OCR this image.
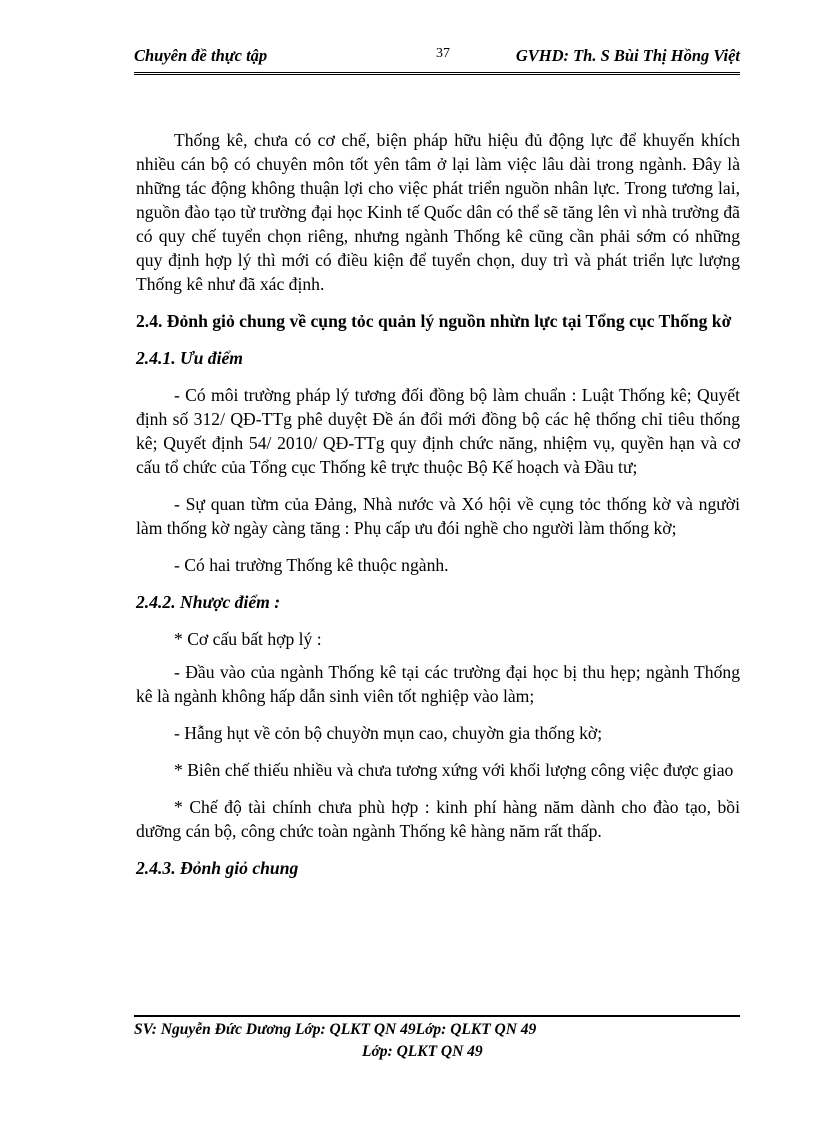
Chuyên đề thực tập	37	GVHD: Th. S Bùi Thị Hồng Việt

Thống kê, chưa có cơ chế, biện pháp hữu hiệu đủ động lực để khuyến khích nhiều cán bộ có chuyên môn tốt yên tâm ở lại làm việc lâu dài trong ngành. Đây là những tác động không thuận lợi cho việc phát triển nguồn nhân lực. Trong tương lai, nguồn đào tạo từ trường đại học Kinh tế Quốc dân có thể sẽ tăng lên vì nhà trường đã có quy chế tuyển chọn riêng, nhưng ngành Thống kê cũng cần phải sớm có những quy định hợp lý thì mới có điều kiện để tuyển chọn, duy trì và phát triển lực lượng Thống kê như đã xác định.

2.4. Đỏnh giỏ chung về cụng tỏc quản lý nguồn nhừn lực tại Tổng cục Thống kờ

2.4.1. Ưu điểm

- Có môi trường pháp lý tương đối đồng bộ làm chuẩn : Luật Thống kê; Quyết định số 312/ QĐ-TTg phê duyệt Đề án đổi mới đồng bộ các hệ thống chỉ tiêu thống kê; Quyết định 54/ 2010/ QĐ-TTg quy định chức năng, nhiệm vụ, quyền hạn và cơ cấu tổ chức của Tổng cục Thống kê trực thuộc Bộ Kế hoạch và Đầu tư;

- Sự quan từm của Đảng, Nhà nước và Xó hội về cụng tỏc thống kờ và người làm thống kờ ngày càng tăng : Phụ cấp ưu đói nghề cho người làm thống kờ;

- Có hai trường Thống kê thuộc ngành.

2.4.2. Nhược điểm :

* Cơ cấu bất hợp lý :

- Đầu vào của ngành Thống kê tại các trường đại học bị thu hẹp; ngành Thống kê là ngành không hấp dẫn sinh viên tốt nghiệp vào làm;

- Hẫng hụt về cỏn bộ chuyờn mụn cao, chuyờn gia thống kờ;

* Biên chế thiếu nhiều và chưa tương xứng với khối lượng công việc được giao

* Chế độ tài chính chưa phù hợp : kinh phí hàng năm dành cho đào tạo, bồi dưỡng cán bộ, công chức toàn ngành Thống kê hàng năm rất thấp.

2.4.3. Đỏnh giỏ chung

SV: Nguyễn Đức Dương Lớp: QLKT QN 49Lớp: QLKT QN 49
Lớp: QLKT QN 49
